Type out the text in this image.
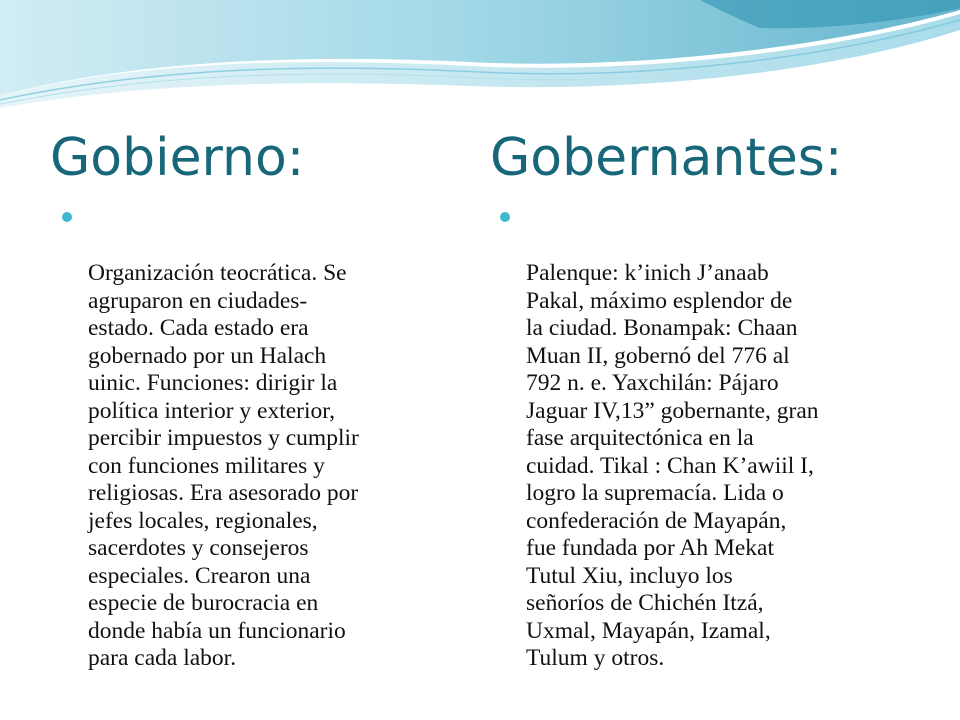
Gobierno:	Gobernantes:

Organización teocrática. Se
agruparon en ciudades-
estado. Cada estado era
gobernado por un Halach
uinic. Funciones: dirigir la
política interior y exterior,
percibir impuestos y cumplir
con funciones militares y
religiosas. Era asesorado por
jefes locales, regionales,
sacerdotes y consejeros
especiales. Crearon una
especie de burocracia en
donde había un funcionario
para cada labor.

Palenque: k’inich J’anaab
Pakal, máximo esplendor de
la ciudad. Bonampak: Chaan
Muan II, gobernó del 776 al
792 n. e. Yaxchilán: Pájaro
Jaguar IV,13” gobernante, gran
fase arquitectónica en la
cuidad. Tikal : Chan K’awiil I,
logro la supremacía. Lida o
confederación de Mayapán,
fue fundada por Ah Mekat
Tutul Xiu, incluyo los
señoríos de Chichén Itzá,
Uxmal, Mayapán, Izamal,
Tulum y otros.
